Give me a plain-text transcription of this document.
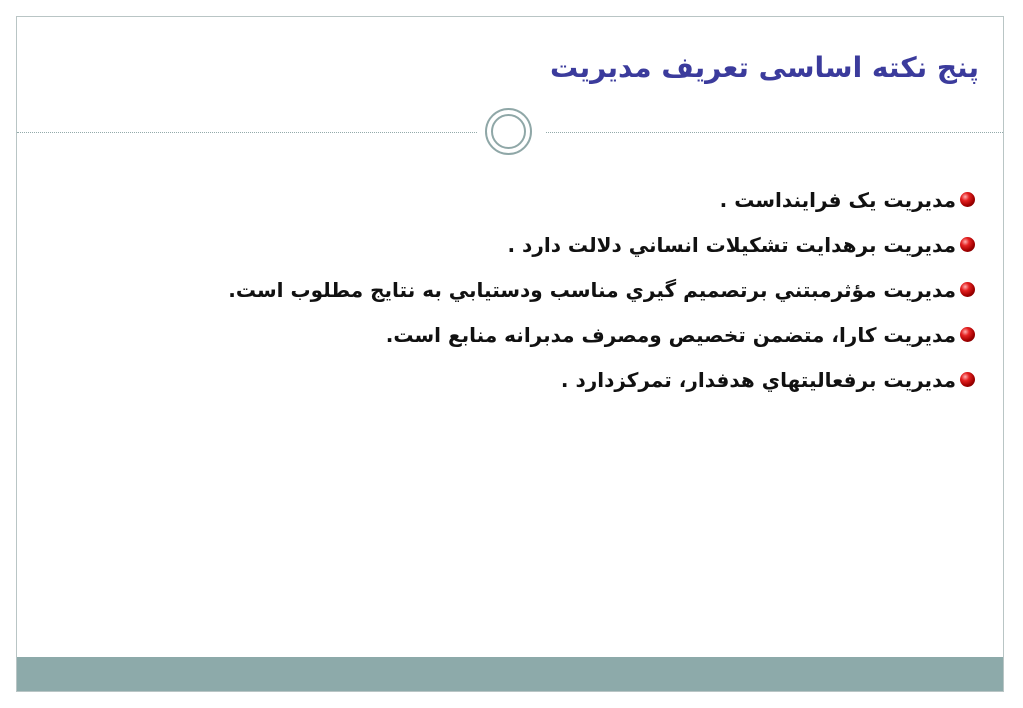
پنج نکته اساسی تعريف مديريت
مديريت يک فرايند‌است .
مديريت برهدايت تشکيلات انساني دلالت دارد .
مديريت مؤثر‌مبتني برتصميم گيري مناسب ودستيابي به نتايج مطلوب است.
مديريت کارا، متضمن تخصيص ومصرف مدبرانه منابع است.
مديريت برفعاليتهاي هدفدار، تمرکز‌دارد .
